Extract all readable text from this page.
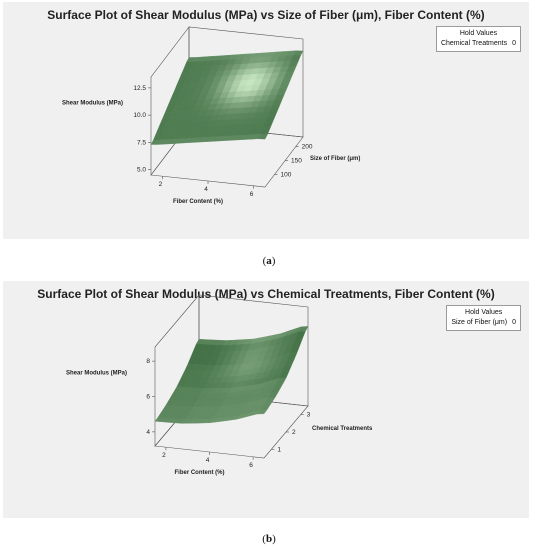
Surface Plot of Shear Modulus (MPa) vs Size of Fiber (μm), Fiber Content (%)
5.0
7.5
10.0
12.5
2
4
6
100
150
200
Shear Modulus (MPa)
Fiber Content (%)
Size of Fiber (μm)
Hold Values
Chemical Treatments 0
(a)
Surface Plot of Shear Modulus (MPa) vs Chemical Treatments, Fiber Content (%)
4
6
8
2
4
6
1
2
3
Shear Modulus (MPa)
Fiber Content (%)
Chemical Treatments
Hold Values
Size of Fiber (μm) 0
(b)
